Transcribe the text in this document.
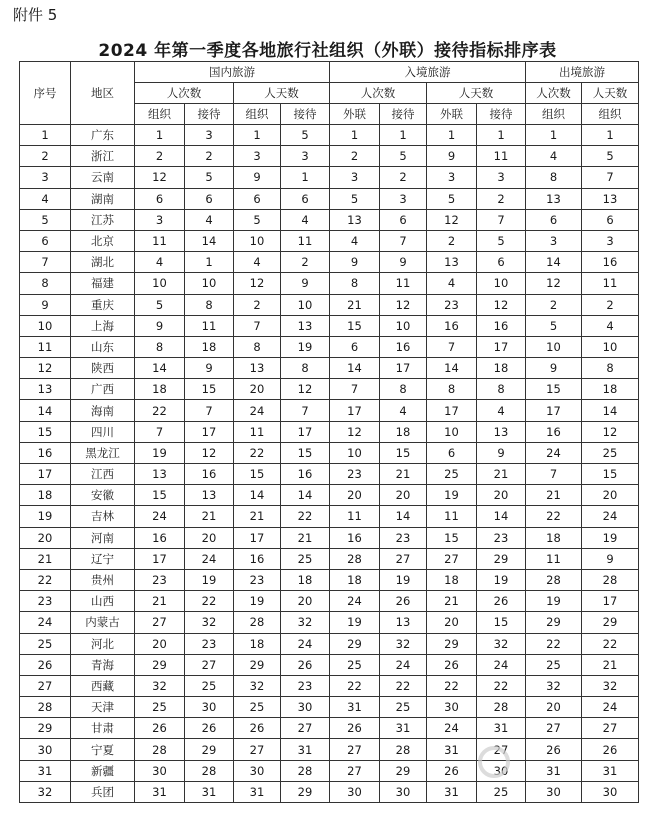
附件 5
2024 年第一季度各地旅行社组织（外联）接待指标排序表
序号	地区	国内旅游				入境旅游				出境旅游	
		人次数		人天数		人次数		人天数		人次数	人天数
		组织	接待	组织	接待	外联	接待	外联	接待	组织	组织
1	广东	1	3	1	5	1	1	1	1	1	1
2	浙江	2	2	3	3	2	5	9	11	4	5
3	云南	12	5	9	1	3	2	3	3	8	7
4	湖南	6	6	6	6	5	3	5	2	13	13
5	江苏	3	4	5	4	13	6	12	7	6	6
6	北京	11	14	10	11	4	7	2	5	3	3
7	湖北	4	1	4	2	9	9	13	6	14	16
8	福建	10	10	12	9	8	11	4	10	12	11
9	重庆	5	8	2	10	21	12	23	12	2	2
10	上海	9	11	7	13	15	10	16	16	5	4
11	山东	8	18	8	19	6	16	7	17	10	10
12	陕西	14	9	13	8	14	17	14	18	9	8
13	广西	18	15	20	12	7	8	8	8	15	18
14	海南	22	7	24	7	17	4	17	4	17	14
15	四川	7	17	11	17	12	18	10	13	16	12
16	黑龙江	19	12	22	15	10	15	6	9	24	25
17	江西	13	16	15	16	23	21	25	21	7	15
18	安徽	15	13	14	14	20	20	19	20	21	20
19	吉林	24	21	21	22	11	14	11	14	22	24
20	河南	16	20	17	21	16	23	15	23	18	19
21	辽宁	17	24	16	25	28	27	27	29	11	9
22	贵州	23	19	23	18	18	19	18	19	28	28
23	山西	21	22	19	20	24	26	21	26	19	17
24	内蒙古	27	32	28	32	19	13	20	15	29	29
25	河北	20	23	18	24	29	32	29	32	22	22
26	青海	29	27	29	26	25	24	26	24	25	21
27	西藏	32	25	32	23	22	22	22	22	32	32
28	天津	25	30	25	30	31	25	30	28	20	24
29	甘肃	26	26	26	27	26	31	24	31	27	27
30	宁夏	28	29	27	31	27	28	31	27	26	26
31	新疆	30	28	30	28	27	29	26	30	31	31
32	兵团	31	31	31	29	30	30	31	25	30	30
